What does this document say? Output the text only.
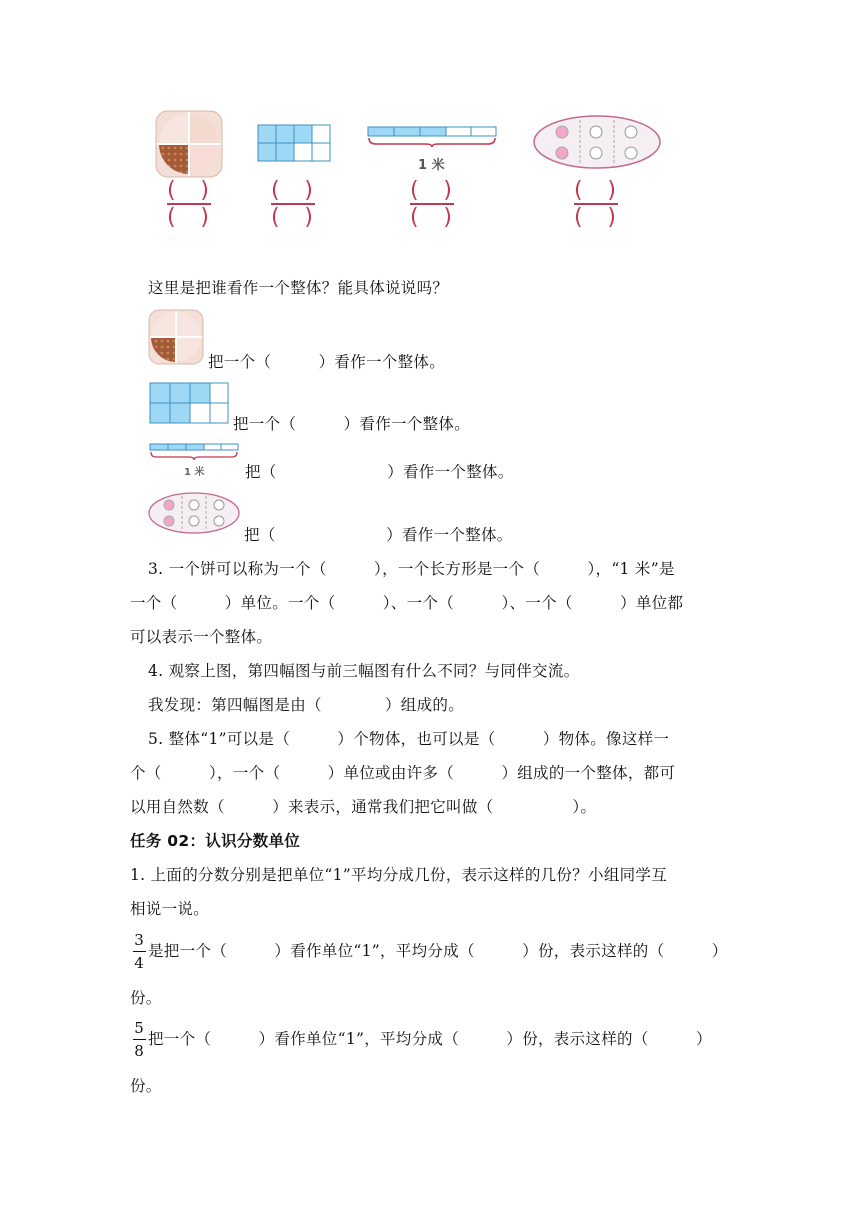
1 米
( )
( )
( )
( )
( )
( )
( )
( )
这里是把谁看作一个整体？能具体说说吗？
把一个（　　　）看作一个整体。
把一个（　　　）看作一个整体。
1 米	把（　　　　　　　）看作一个整体。
把（　　　　　　　）看作一个整体。
3. 一个饼可以称为一个（　　　），一个长方形是一个（　　　），“1 米”是
一个（　　　）单位。一个（　　　）、一个（　　　）、一个（　　　）单位都
可以表示一个整体。
4. 观察上图，第四幅图与前三幅图有什么不同？与同伴交流。
我发现：第四幅图是由（　　　　）组成的。
5. 整体“1”可以是（　　　）个物体，也可以是（　　　）物体。像这样一
个（　　　），一个（　　　）单位或由许多（　　　）组成的一个整体，都可
以用自然数（　　　）来表示，通常我们把它叫做（　　　　　）。
任务 02：认识分数单位
1. 上面的分数分别是把单位“1”平均分成几份，表示这样的几份？小组同学互
相说一说。
3
4
是把一个（　　　）看作单位“1”，平均分成（　　　）份，表示这样的（　　　）
份。
5
8
把一个（　　　）看作单位“1”，平均分成（　　　）份，表示这样的（　　　）
份。
